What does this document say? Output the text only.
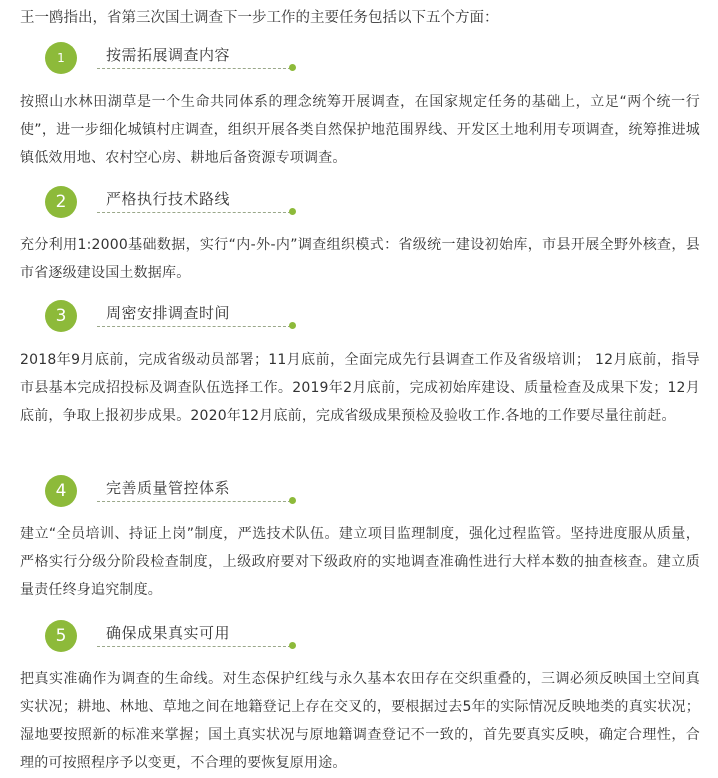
王一鸥指出，省第三次国土调查下一步工作的主要任务包括以下五个方面：

1	按需拓展调查内容

按照山水林田湖草是一个生命共同体系的理念统筹开展调查，在国家规定任务的基础上，立足“两个统一行使”，进一步细化城镇村庄调查，组织开展各类自然保护地范围界线、开发区土地利用专项调查，统筹推进城镇低效用地、农村空心房、耕地后备资源专项调查。

2	严格执行技术路线

充分利用1:2000基础数据，实行“内-外-内”调查组织模式：省级统一建设初始库，市县开展全野外核查，县市省逐级建设国土数据库。

3	周密安排调查时间

2018年9月底前，完成省级动员部署；11月底前，全面完成先行县调查工作及省级培训； 12月底前，指导市县基本完成招投标及调查队伍选择工作。2019年2月底前，完成初始库建设、质量检查及成果下发；12月底前，争取上报初步成果。2020年12月底前，完成省级成果预检及验收工作.各地的工作要尽量往前赶。

4	完善质量管控体系

建立“全员培训、持证上岗”制度，严选技术队伍。建立项目监理制度，强化过程监管。坚持进度服从质量，严格实行分级分阶段检查制度，上级政府要对下级政府的实地调查准确性进行大样本数的抽查核查。建立质量责任终身追究制度。

5	确保成果真实可用

把真实准确作为调查的生命线。对生态保护红线与永久基本农田存在交织重叠的，三调必须反映国土空间真实状况；耕地、林地、草地之间在地籍登记上存在交叉的，要根据过去5年的实际情况反映地类的真实状况；湿地要按照新的标准来掌握；国土真实状况与原地籍调查登记不一致的，首先要真实反映，确定合理性，合理的可按照程序予以变更，不合理的要恢复原用途。
